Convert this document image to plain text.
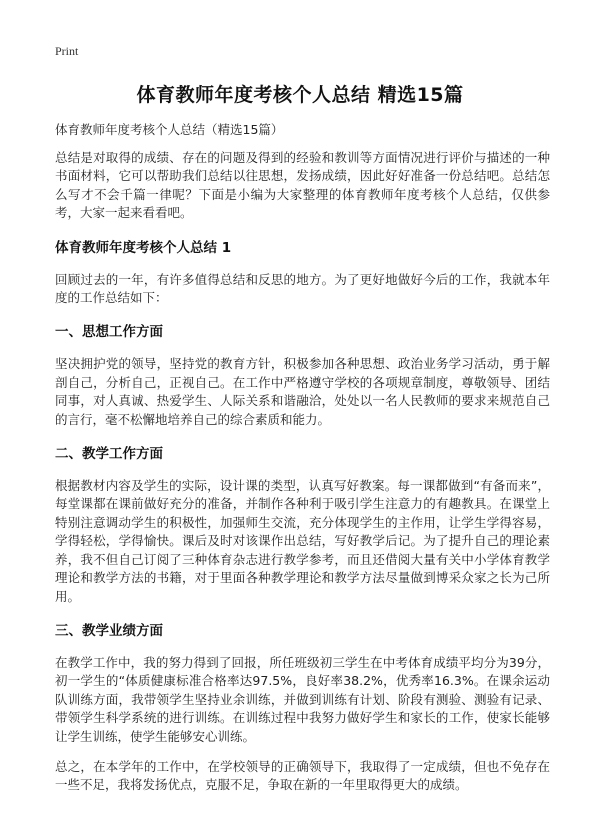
Print
体育教师年度考核个人总结 精选15篇

体育教师年度考核个人总结（精选15篇）

总结是对取得的成绩、存在的问题及得到的经验和教训等方面情况进行评价与描述的一种书面材料，它可以帮助我们总结以往思想，发扬成绩，因此好好准备一份总结吧。总结怎么写才不会千篇一律呢？下面是小编为大家整理的体育教师年度考核个人总结，仅供参考，大家一起来看看吧。

体育教师年度考核个人总结 1

回顾过去的一年，有许多值得总结和反思的地方。为了更好地做好今后的工作，我就本年度的工作总结如下：

一、思想工作方面

坚决拥护党的领导，坚持党的教育方针，积极参加各种思想、政治业务学习活动，勇于解剖自己，分析自己，正视自己。在工作中严格遵守学校的各项规章制度，尊敬领导、团结同事，对人真诚、热爱学生、人际关系和谐融洽，处处以一名人民教师的要求来规范自己的言行，毫不松懈地培养自己的综合素质和能力。

二、教学工作方面

根据教材内容及学生的实际，设计课的类型，认真写好教案。每一课都做到“有备而来”，每堂课都在课前做好充分的准备，并制作各种利于吸引学生注意力的有趣教具。在课堂上特别注意调动学生的积极性，加强师生交流，充分体现学生的主作用，让学生学得容易，学得轻松，学得愉快。课后及时对该课作出总结，写好教学后记。为了提升自己的理论素养，我不但自己订阅了三种体育杂志进行教学参考，而且还借阅大量有关中小学体育教学理论和教学方法的书籍，对于里面各种教学理论和教学方法尽量做到博采众家之长为己所用。

三、教学业绩方面

在教学工作中，我的努力得到了回报，所任班级初三学生在中考体育成绩平均分为39分，初一学生的“体质健康标准合格率达97.5%，良好率38.2%，优秀率16.3%。在课余运动队训练方面，我带领学生坚持业余训练，并做到训练有计划、阶段有测验、测验有记录、带领学生科学系统的进行训练。在训练过程中我努力做好学生和家长的工作，使家长能够让学生训练，使学生能够安心训练。

总之，在本学年的工作中，在学校领导的正确领导下，我取得了一定成绩，但也不免存在一些不足，我将发扬优点，克服不足，争取在新的一年里取得更大的成绩。
